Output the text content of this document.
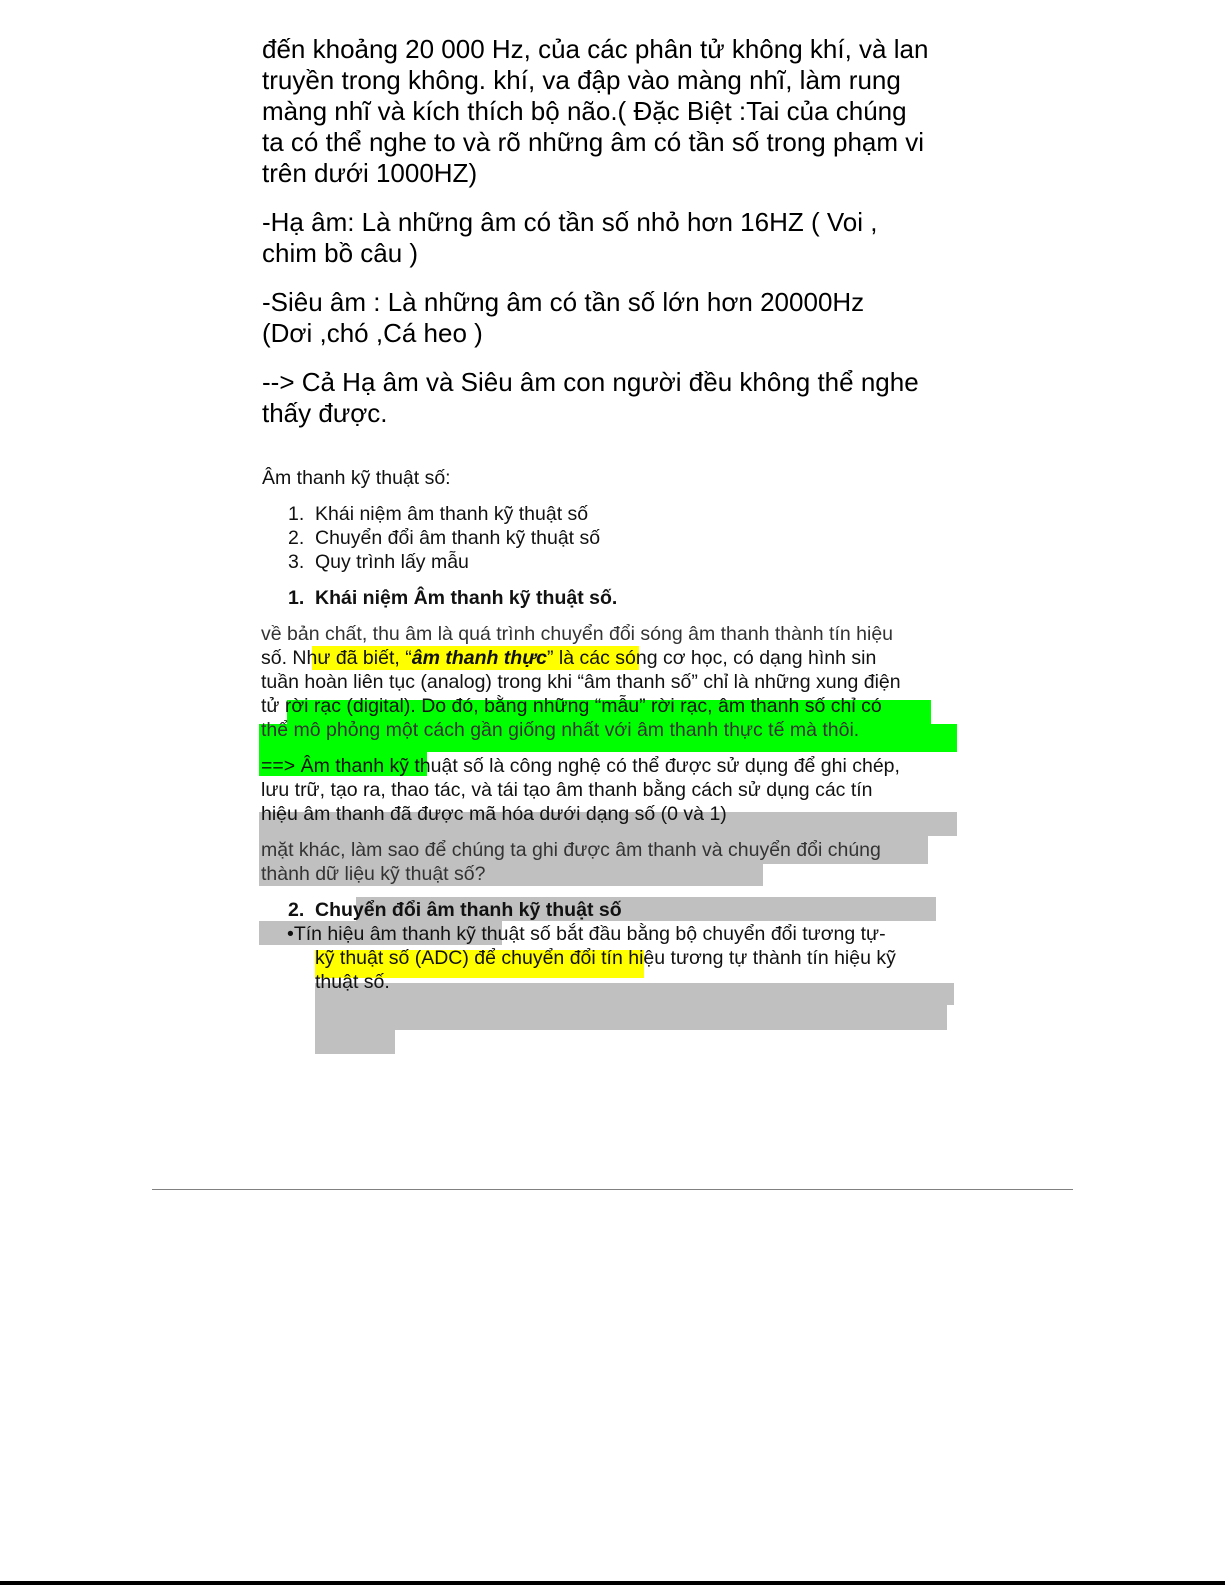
đến khoảng 20 000 Hz, của các phân tử không khí, và lan
truyền trong không. khí, va đập vào màng nhĩ, làm rung
màng nhĩ và kích thích bộ não.( Đặc Biệt :Tai của chúng
ta có thể nghe to và rõ những âm có tần số trong phạm vi
trên dưới 1000HZ)
-Hạ âm: Là những âm có tần số nhỏ hơn 16HZ ( Voi ,
chim bồ câu )
-Siêu âm : Là những âm có tần số lớn hơn 20000Hz
(Dơi ,chó ,Cá heo )
--> Cả Hạ âm và Siêu âm con người đều không thể nghe
thấy được.
Âm thanh kỹ thuật số:
1. Khái niệm âm thanh kỹ thuật số
2. Chuyển đổi âm thanh kỹ thuật số
3. Quy trình lấy mẫu
1. Khái niệm Âm thanh kỹ thuật số.
về bản chất, thu âm là quá trình chuyển đổi sóng âm thanh thành tín hiệu
số. Như đã biết, “âm thanh thực” là các sóng cơ học, có dạng hình sin
tuần hoàn liên tục (analog) trong khi “âm thanh số” chỉ là những xung điện
tử rời rạc (digital). Do đó, bằng những “mẫu” rời rạc, âm thanh số chỉ có
thể mô phỏng một cách gần giống nhất với âm thanh thực tế mà thôi.
==> Âm thanh kỹ thuật số là công nghệ có thể được sử dụng để ghi chép,
lưu trữ, tạo ra, thao tác, và tái tạo âm thanh bằng cách sử dụng các tín
hiệu âm thanh đã được mã hóa dưới dạng số (0 và 1)
mặt khác, làm sao để chúng ta ghi được âm thanh và chuyển đổi chúng
thành dữ liệu kỹ thuật số?
2. Chuyển đổi âm thanh kỹ thuật số
•Tín hiệu âm thanh kỹ thuật số bắt đầu bằng bộ chuyển đổi tương tự-
kỹ thuật số (ADC) để chuyển đổi tín hiệu tương tự thành tín hiệu kỹ
thuật số.
